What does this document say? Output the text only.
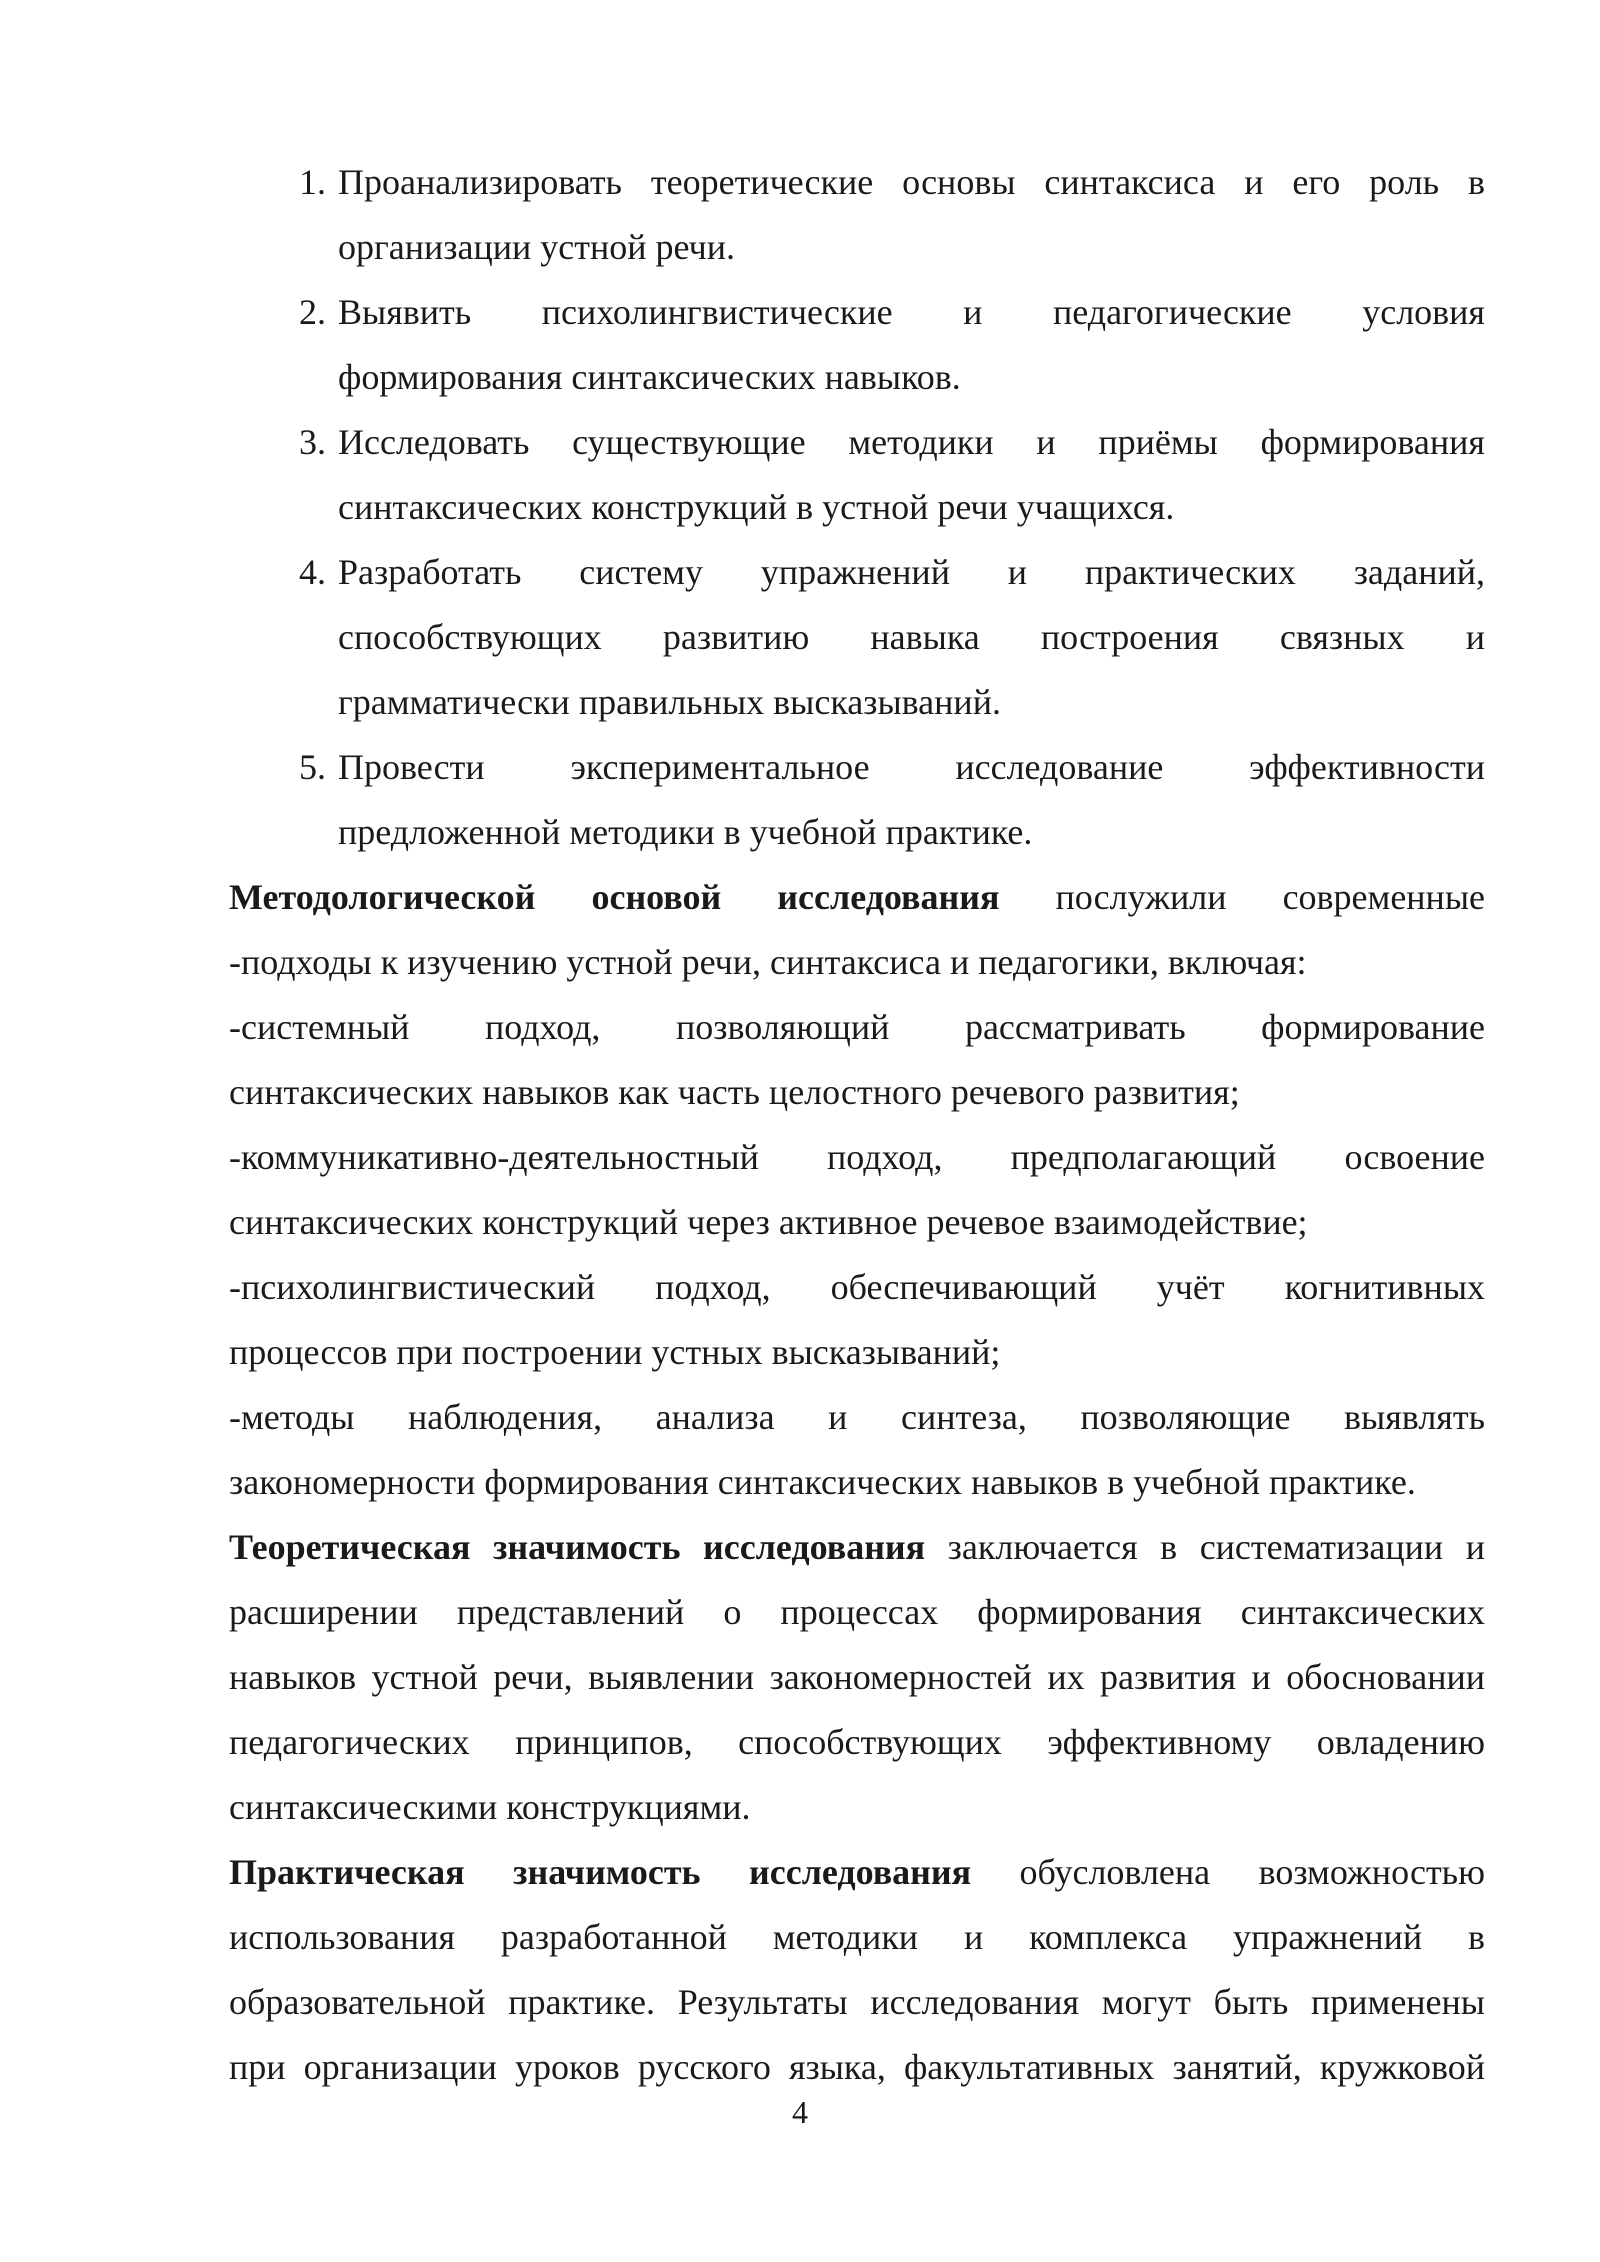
1. Проанализировать теоретические основы синтаксиса и его роль в
организации устной речи.
2. Выявить психолингвистические и педагогические условия
формирования синтаксических навыков.
3. Исследовать существующие методики и приёмы формирования
синтаксических конструкций в устной речи учащихся.
4. Разработать систему упражнений и практических заданий,
способствующих развитию навыка построения связных и
грамматически правильных высказываний.
5. Провести экспериментальное исследование эффективности
предложенной методики в учебной практике.
Методологической основой исследования послужили современные
-подходы к изучению устной речи, синтаксиса и педагогики, включая:
-системный подход, позволяющий рассматривать формирование
синтаксических навыков как часть целостного речевого развития;
-коммуникативно-деятельностный подход, предполагающий освоение
синтаксических конструкций через активное речевое взаимодействие;
-психолингвистический подход, обеспечивающий учёт когнитивных
процессов при построении устных высказываний;
-методы наблюдения, анализа и синтеза, позволяющие выявлять
закономерности формирования синтаксических навыков в учебной практике.
Теоретическая значимость исследования заключается в систематизации и
расширении представлений о процессах формирования синтаксических
навыков устной речи, выявлении закономерностей их развития и обосновании
педагогических принципов, способствующих эффективному овладению
синтаксическими конструкциями.
Практическая значимость исследования обусловлена возможностью
использования разработанной методики и комплекса упражнений в
образовательной практике. Результаты исследования могут быть применены
при организации уроков русского языка, факультативных занятий, кружковой
4
